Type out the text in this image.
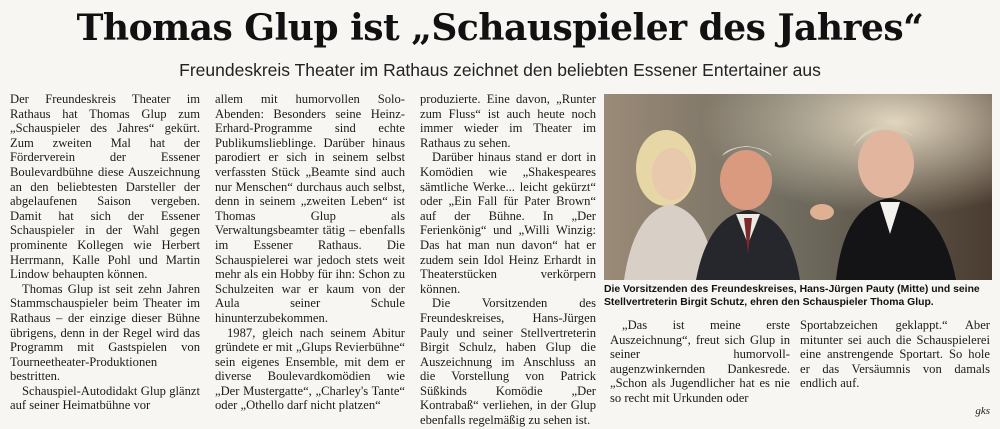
Thomas Glup ist „Schauspieler des Jahres“
Freundeskreis Theater im Rathaus zeichnet den beliebten Essener Entertainer aus

Der Freundeskreis Theater im Rathaus hat Thomas Glup zum „Schauspieler des Jahres“ gekürt. Zum zweiten Mal hat der Förderverein der Essener Boulevardbühne diese Auszeichnung an den beliebtesten Darsteller der abgelaufenen Saison vergeben. Damit hat sich der Essener Schauspieler in der Wahl gegen prominente Kollegen wie Herbert Herrmann, Kalle Pohl und Martin Lindow behaupten können.

Thomas Glup ist seit zehn Jahren Stammschauspieler beim Theater im Rathaus – der einzige dieser Bühne übrigens, denn in der Regel wird das Programm mit Gastspielen von Tourneetheater-Produktionen bestritten.

Schauspiel-Autodidakt Glup glänzt auf seiner Heimatbühne vor

allem mit humorvollen Solo-Abenden: Besonders seine Heinz-Erhard-Programme sind echte Publikumslieblinge. Darüber hinaus parodiert er sich in seinem selbst verfassten Stück „Beamte sind auch nur Menschen“ durchaus auch selbst, denn in seinem „zweiten Leben“ ist Thomas Glup als Verwaltungsbeamter tätig – ebenfalls im Essener Rathaus. Die Schauspielerei war jedoch stets weit mehr als ein Hobby für ihn: Schon zu Schulzeiten war er kaum von der Aula seiner Schule hinunterzubekommen.

1987, gleich nach seinem Abitur gründete er mit „Glups Revierbühne“ sein eigenes Ensemble, mit dem er diverse Boulevardkomödien wie „Der Mustergatte“, „Charley's Tante“ oder „Othello darf nicht platzen“

produzierte. Eine davon, „Runter zum Fluss“ ist auch heute noch immer wieder im Theater im Rathaus zu sehen.

Darüber hinaus stand er dort in Komödien wie „Shakespeares sämtliche Werke... leicht gekürzt“ oder „Ein Fall für Pater Brown“ auf der Bühne. In „Der Ferienkönig“ und „Willi Winzig: Das hat man nun davon“ hat er zudem sein Idol Heinz Erhardt in Theaterstücken verkörpern können.

Die Vorsitzenden des Freundeskreises, Hans-Jürgen Pauly und seiner Stellvertreterin Birgit Schulz, haben Glup die Auszeichnung im Anschluss an die Vorstellung von Patrick Süßkinds Komödie „Der Kontrabaß“ verliehen, in der Glup ebenfalls regelmäßig zu sehen ist.

Die Vorsitzenden des Freundeskreises, Hans-Jürgen Pauty (Mitte) und seine Stellvertreterin Birgit Schutz, ehren den Schauspieler Thoma Glup.

„Das ist meine erste Auszeichnung“, freut sich Glup in seiner humorvoll-augenzwinkernden Dankesrede. „Schon als Jugendlicher hat es nie so recht mit Urkunden oder

Sportabzeichen geklappt.“ Aber mitunter sei auch die Schauspielerei eine anstrengende Sportart. So hole er das Versäumnis von damals endlich auf.

gks
